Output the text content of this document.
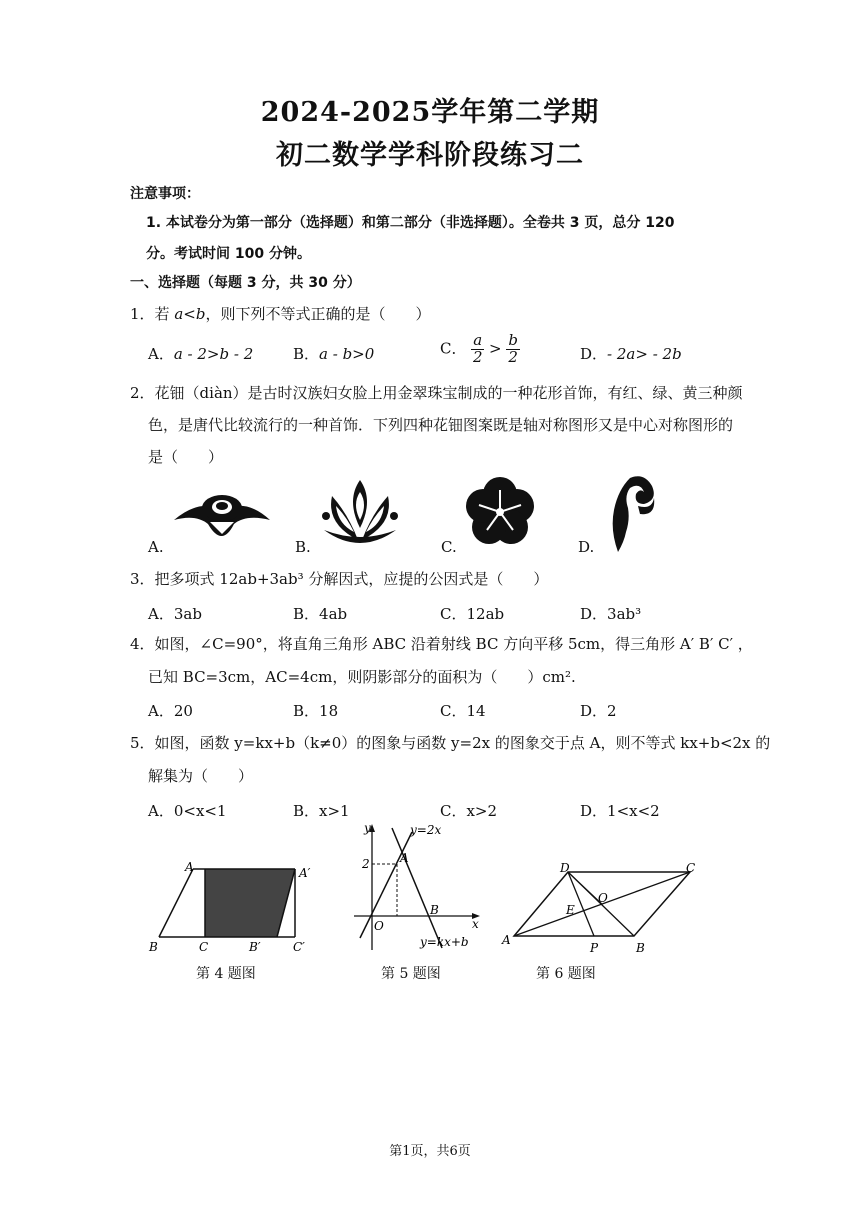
2024-2025学年第二学期
初二数学学科阶段练习二
注意事项：
1. 本试卷分为第一部分（选择题）和第二部分（非选择题）。全卷共 3 页，总分 120
分。考试时间 100 分钟。
一、选择题（每题 3 分，共 30 分）
1．若 a<b，则下列不等式正确的是（　　）
A．a - 2>b - 2	B．a - b>0	C． $\frac{a}{2} > \frac{b}{2}$	D．- 2a> - 2b
2．花钿（diàn）是古时汉族妇女脸上用金翠珠宝制成的一种花形首饰，有红、绿、黄三种颜
色，是唐代比较流行的一种首饰．下列四种花钿图案既是轴对称图形又是中心对称图形的
是（　　）
A.	B.	C.	D.
3．把多项式 12ab+3ab³ 分解因式，应提的公因式是（　　）
A．3ab	B．4ab	C．12ab	D．3ab³
4．如图，∠C=90°，将直角三角形 ABC 沿着射线 BC 方向平移 5cm，得三角形 A′ B′ C′ ，
已知 BC=3cm，AC=4cm，则阴影部分的面积为（　　）cm².
A．20	B．18	C．14	D．2
5．如图，函数 y=kx+b（k≠0）的图象与函数 y=2x 的图象交于点 A，则不等式 kx+b<2x 的
解集为（　　）
A．0<x<1	B．x>1	C．x>2	D．1<x<2
A	A′
B	C	B′	C′
第 4 题图
y
x
O
A
B
2
y=2x
y=kx+b
第 5 题图
D	C
O
E
A
P	B
第 6 题图
第1页，共6页
